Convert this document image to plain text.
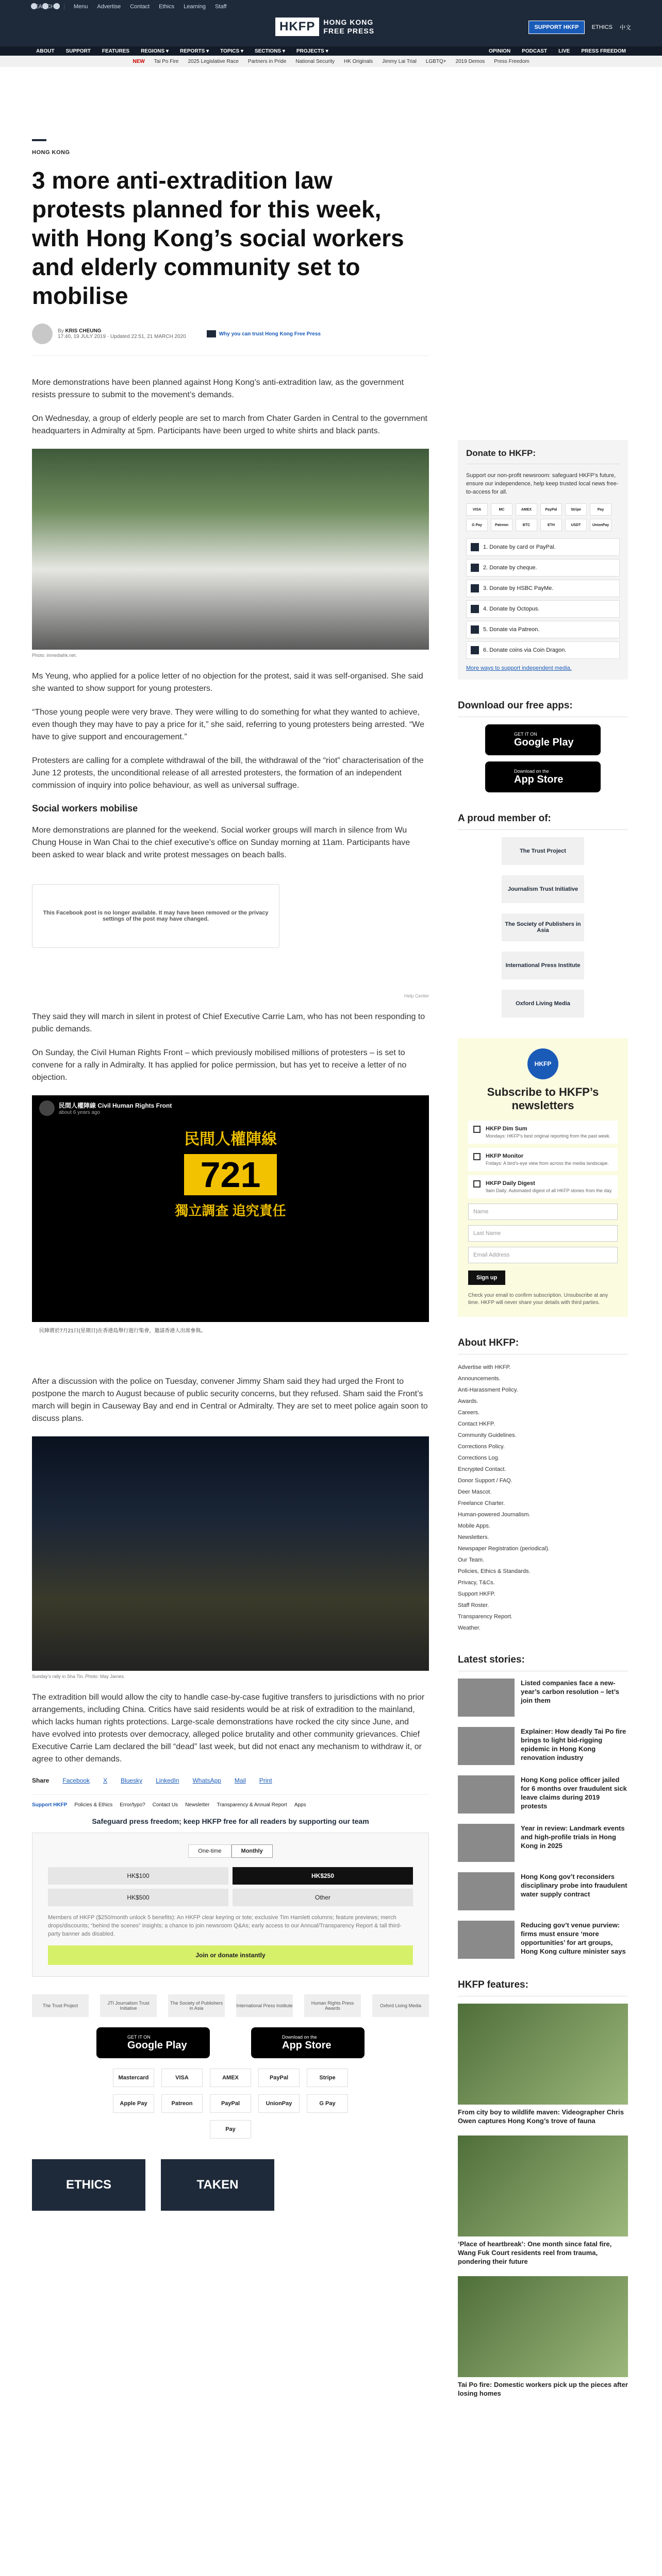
Menu Advertise Contact Ethics Learning Staff
HKFP	HONG KONG
FREE PRESS	SUPPORT HKFP	ETHICS 中文
ABOUT SUPPORT FEATURES REGIONS ▾ REPORTS ▾ TOPICS ▾ SECTIONS ▾ PROJECTS ▾	OPINION PODCAST LIVE PRESS FREEDOM
NEW Tai Po Fire 2025 Legislative Race Partners in Pride National Security HK Originals Jimmy Lai Trial LGBTQ+ 2019 Demos Press Freedom
HONG KONG
3 more anti-extradition law protests planned for this week, with Hong Kong’s social workers and elderly community set to mobilise
By KRIS CHEUNG
17:40, 19 JULY 2019 · Updated 22:51, 21 MARCH 2020	Why you can trust Hong Kong Free Press

More demonstrations have been planned against Hong Kong’s anti-extradition law, as the government resists pressure to submit to the movement’s demands.

On Wednesday, a group of elderly people are set to march from Chater Garden in Central to the government headquarters in Admiralty at 5pm. Participants have been urged to white shirts and black pants.

Photo: inmediahk.net.

Ms Yeung, who applied for a police letter of no objection for the protest, said it was self-organised. She said she wanted to show support for young protesters.

“Those young people were very brave. They were willing to do something for what they wanted to achieve, even though they may have to pay a price for it,” she said, referring to young protesters being arrested. “We have to give support and encouragement.”

Protesters are calling for a complete withdrawal of the bill, the withdrawal of the “riot” characterisation of the June 12 protests, the unconditional release of all arrested protesters, the formation of an independent commission of inquiry into police behaviour, as well as universal suffrage.

Social workers mobilise

More demonstrations are planned for the weekend. Social worker groups will march in silence from Wu Chung House in Wan Chai to the chief executive’s office on Sunday morning at 11am. Participants have been asked to wear black and write protest messages on beach balls.

This Facebook post is no longer available. It may have been removed or the privacy settings of the post may have changed.
Help Center

They said they will march in silent in protest of Chief Executive Carrie Lam, who has not been responding to public demands.

On Sunday, the Civil Human Rights Front – which previously mobilised millions of protesters – is set to convene for a rally in Admiralty. It has applied for police permission, but has yet to receive a letter of no objection.

民間人權陣線 Civil Human Rights Front
about 6 years ago
民間人權陣線
721
獨立調查 追究責任
民陣將於7月21日(星期日)在香港島舉行遊行集會，邀請香港人出席參與。

After a discussion with the police on Tuesday, convener Jimmy Sham said they had urged the Front to postpone the march to August because of public security concerns, but they refused. Sham said the Front’s march will begin in Causeway Bay and end in Central or Admiralty. They are set to meet police again soon to discuss plans.

Sunday’s rally in Sha Tin. Photo: May James.

The extradition bill would allow the city to handle case-by-case fugitive transfers to jurisdictions with no prior arrangements, including China. Critics have said residents would be at risk of extradition to the mainland, which lacks human rights protections. Large-scale demonstrations have rocked the city since June, and have evolved into protests over democracy, alleged police brutality and other community grievances. Chief Executive Carrie Lam declared the bill “dead” last week, but did not enact any mechanism to withdraw it, or agree to other demands.

Share Facebook X Bluesky LinkedIn WhatsApp Mail Print
Support HKFP Policies & Ethics Error/typo? Contact Us Newsletter Transparency & Annual Report Apps
Safeguard press freedom; keep HKFP free for all readers by supporting our team
One-time	Monthly
HK$100	HK$250
HK$500	Other
Members of HKFP ($250/month unlock 5 benefits): An HKFP clear keyring or tote; exclusive Tim Hamlett columns; feature previews; merch drops/discounts; “behind the scenes” insights; a chance to join newsroom Q&As; early access to our Annual/Transparency Report & tall third-party banner ads disabled.
Join or donate instantly
The Trust Project	JTI Journalism Trust Initiative
The Society of Publishers in Asia	International Press Institute	Human Rights Press Awards	Oxford Living Media
GET IT ON
Google Play
Download on the
App Store
Mastercard	VISA	AMEX	PayPal	Stripe
Apple Pay	Patreon	PayPal	UnionPay	G Pay
Pay
ETHICS	TAKEN
Donate to HKFP:

Support our non-profit newsroom: safeguard HKFP’s future, ensure our independence, help keep trusted local news free-to-access for all.

VISA	MC	AMEX	PayPal	Stripe	Pay
G Pay	Patreon	BTC	ETH	USDT	UnionPay
1. Donate by card or PayPal.
2. Donate by cheque.
3. Donate by HSBC PayMe.
4. Donate by Octopus.
5. Donate via Patreon.
6. Donate coins via Coin Dragon.
More ways to support independent media.
Download our free apps:
GET IT ON
Google Play
Download on the
App Store
A proud member of:
The Trust Project
Journalism Trust Initiative
The Society of Publishers in Asia
International Press Institute
Oxford Living Media
HKFP
Subscribe to HKFP’s newsletters
HKFP Dim Sum
Mondays: HKFP’s best original reporting from the past week.
HKFP Monitor
Fridays: A bird’s-eye view from across the media landscape.
HKFP Daily Digest
9am Daily: Automated digest of all HKFP stories from the day.
Name
Last Name
Email Address
Sign up
Check your email to confirm subscription. Unsubscribe at any time. HKFP will never share your details with third parties.
About HKFP:
Advertise with HKFP.
Announcements.
Anti-Harassment Policy.
Awards.
Careers.
Contact HKFP.
Community Guidelines.
Corrections Policy.
Corrections Log.
Encrypted Contact.
Donor Support / FAQ.
Deer Mascot.
Freelance Charter.
Human-powered Journalism.
Mobile Apps.
Newsletters.
Newspaper Registration (periodical).
Our Team.
Policies, Ethics & Standards.
Privacy, T&Cs.
Support HKFP.
Staff Roster.
Transparency Report.
Weather.
Latest stories:
Listed companies face a new-year’s carbon resolution – let’s join them
Explainer: How deadly Tai Po fire brings to light bid-rigging epidemic in Hong Kong renovation industry
Hong Kong police officer jailed for 6 months over fraudulent sick leave claims during 2019 protests
Year in review: Landmark events and high-profile trials in Hong Kong in 2025
Hong Kong gov’t reconsiders disciplinary probe into fraudulent water supply contract
Reducing gov’t venue purview: firms must ensure ‘more opportunities’ for art groups, Hong Kong culture minister says
HKFP features:
From city boy to wildlife maven: Videographer Chris Owen captures Hong Kong’s trove of fauna
‘Place of heartbreak’: One month since fatal fire, Wang Fuk Court residents reel from trauma, pondering their future
Tai Po fire: Domestic workers pick up the pieces after losing homes
